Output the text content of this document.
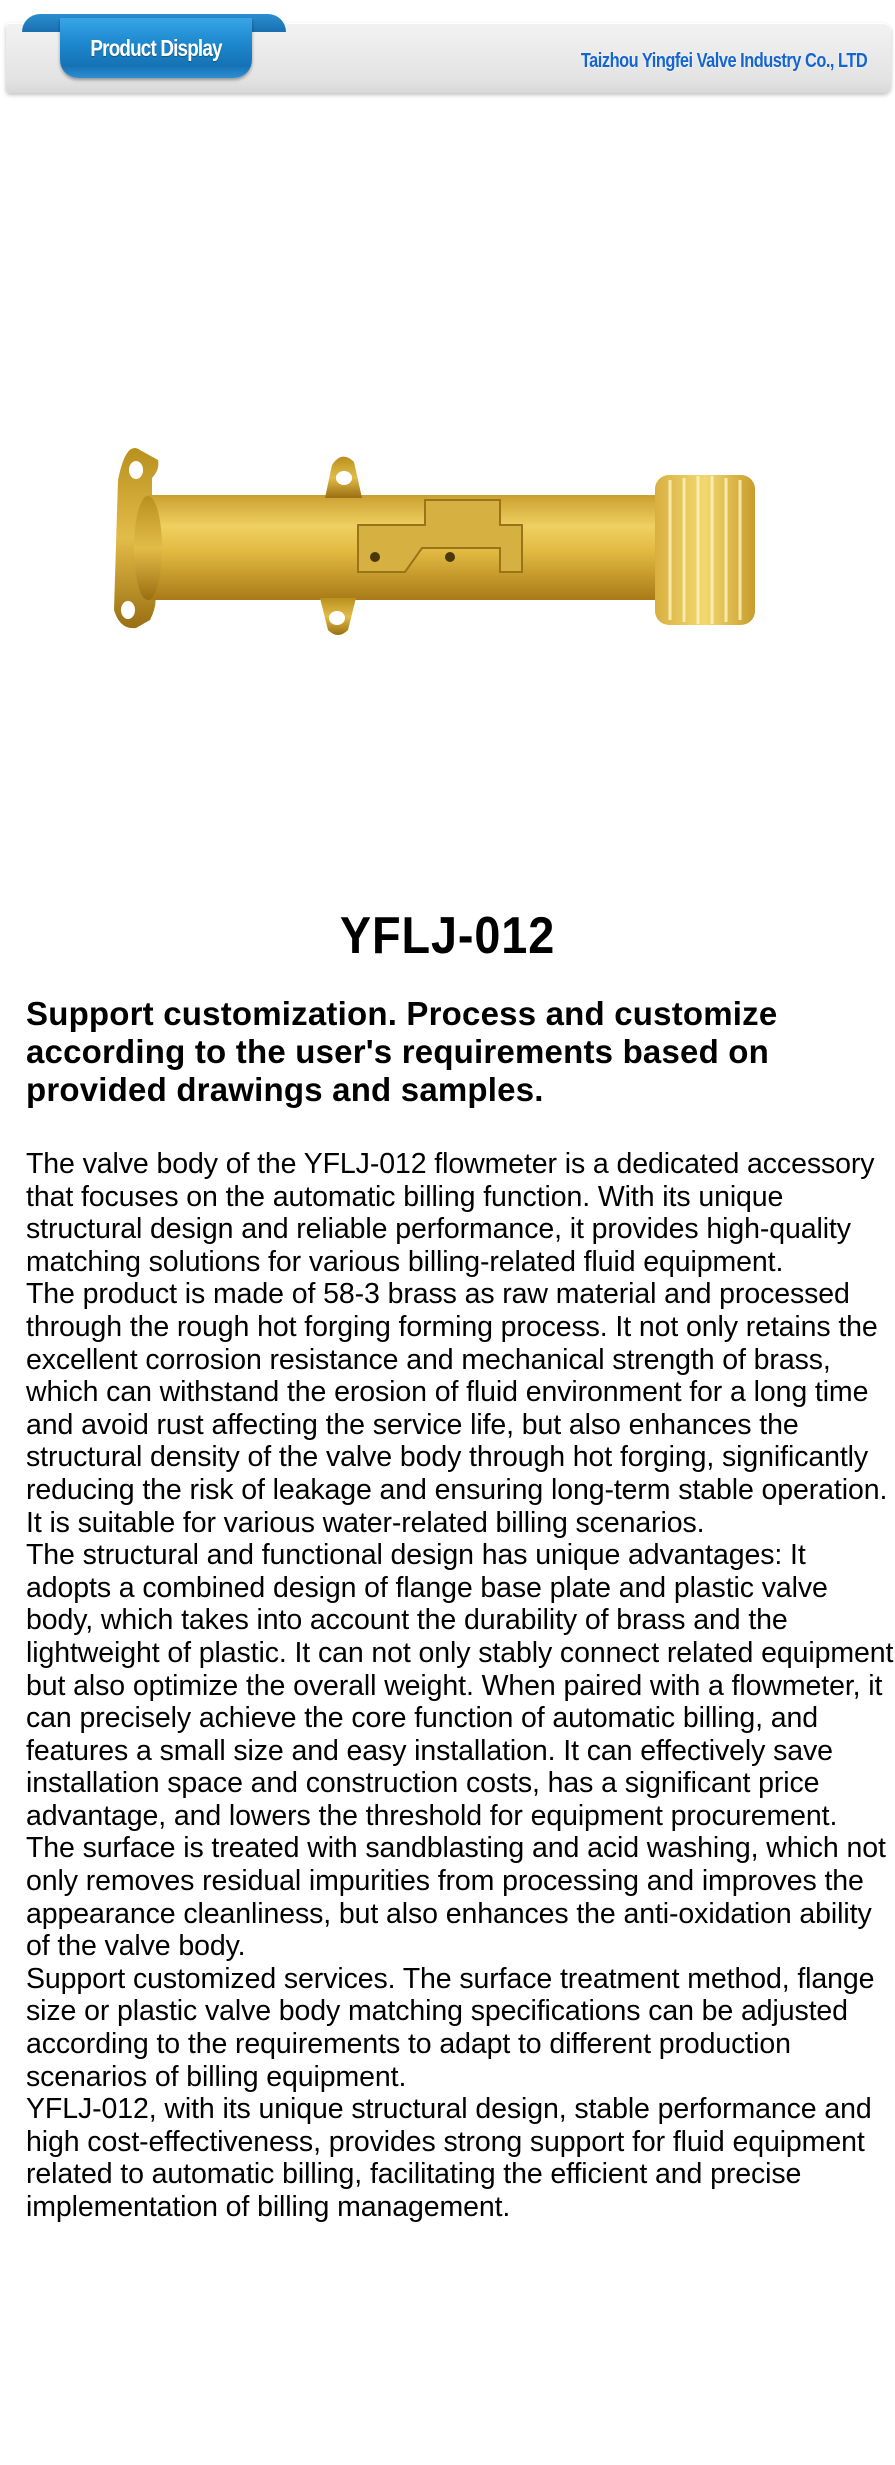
Product Display
Taizhou Yingfei Valve Industry Co., LTD
YFLJ-012
Support customization. Process and customize according to the user's requirements based on provided drawings and samples.

The valve body of the YFLJ-012 flowmeter is a dedicated accessory that focuses on the automatic billing function. With its unique structural design and reliable performance, it provides high-quality matching solutions for various billing-related fluid equipment.

The product is made of 58-3 brass as raw material and processed through the rough hot forging forming process. It not only retains the excellent corrosion resistance and mechanical strength of brass, which can withstand the erosion of fluid environment for a long time and avoid rust affecting the service life, but also enhances the structural density of the valve body through hot forging, significantly reducing the risk of leakage and ensuring long-term stable operation. It is suitable for various water-related billing scenarios.

The structural and functional design has unique advantages: It adopts a combined design of flange base plate and plastic valve body, which takes into account the durability of brass and the lightweight of plastic. It can not only stably connect related equipment but also optimize the overall weight. When paired with a flowmeter, it can precisely achieve the core function of automatic billing, and features a small size and easy installation. It can effectively save installation space and construction costs, has a significant price advantage, and lowers the threshold for equipment procurement.

The surface is treated with sandblasting and acid washing, which not only removes residual impurities from processing and improves the appearance cleanliness, but also enhances the anti-oxidation ability of the valve body.

Support customized services. The surface treatment method, flange size or plastic valve body matching specifications can be adjusted according to the requirements to adapt to different production scenarios of billing equipment.

YFLJ-012, with its unique structural design, stable performance and high cost-effectiveness, provides strong support for fluid equipment related to automatic billing, facilitating the efficient and precise implementation of billing management.
